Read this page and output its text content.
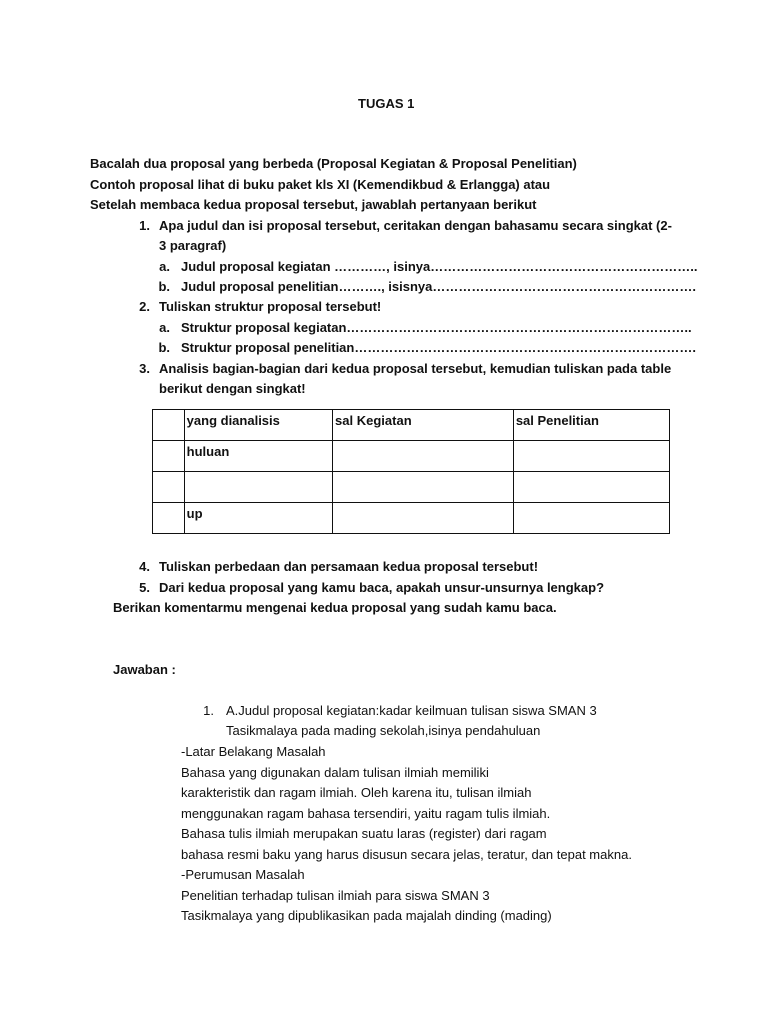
TUGAS 1
Bacalah dua proposal yang berbeda (Proposal Kegiatan & Proposal Penelitian)
Contoh proposal lihat di buku paket kls XI (Kemendikbud & Erlangga) atau
Setelah membaca kedua proposal tersebut, jawablah pertanyaan berikut
1. Apa judul dan isi proposal tersebut, ceritakan dengan bahasamu secara singkat (2-
3 paragraf)
a. Judul proposal kegiatan …………, isinya……………………………………………………..
b. Judul proposal penelitian………., isisnya…………………………………………………….
2. Tuliskan struktur proposal tersebut!
a. Struktur proposal kegiatan……………………………………………………………………..
b. Struktur proposal penelitian…………………………………………………………………….
3. Analisis bagian-bagian dari kedua proposal tersebut, kemudian tuliskan pada table
berikut dengan singkat!
	yang dianalisis	sal Kegiatan	sal Penelitian
	huluan		

	up		
4. Tuliskan perbedaan dan persamaan kedua proposal tersebut!
5. Dari kedua proposal yang kamu baca, apakah unsur-unsurnya lengkap?
Berikan komentarmu mengenai kedua proposal yang sudah kamu baca.
Jawaban :
1. A.Judul proposal kegiatan:kadar keilmuan tulisan siswa SMAN 3
Tasikmalaya pada mading sekolah,isinya pendahuluan
-Latar Belakang Masalah
Bahasa yang digunakan dalam tulisan ilmiah memiliki
karakteristik dan ragam ilmiah. Oleh karena itu, tulisan ilmiah
menggunakan ragam bahasa tersendiri, yaitu ragam tulis ilmiah.
Bahasa tulis ilmiah merupakan suatu laras (register) dari ragam
bahasa resmi baku yang harus disusun secara jelas, teratur, dan tepat makna.
-Perumusan Masalah
Penelitian terhadap tulisan ilmiah para siswa SMAN 3
Tasikmalaya yang dipublikasikan pada majalah dinding (mading)
